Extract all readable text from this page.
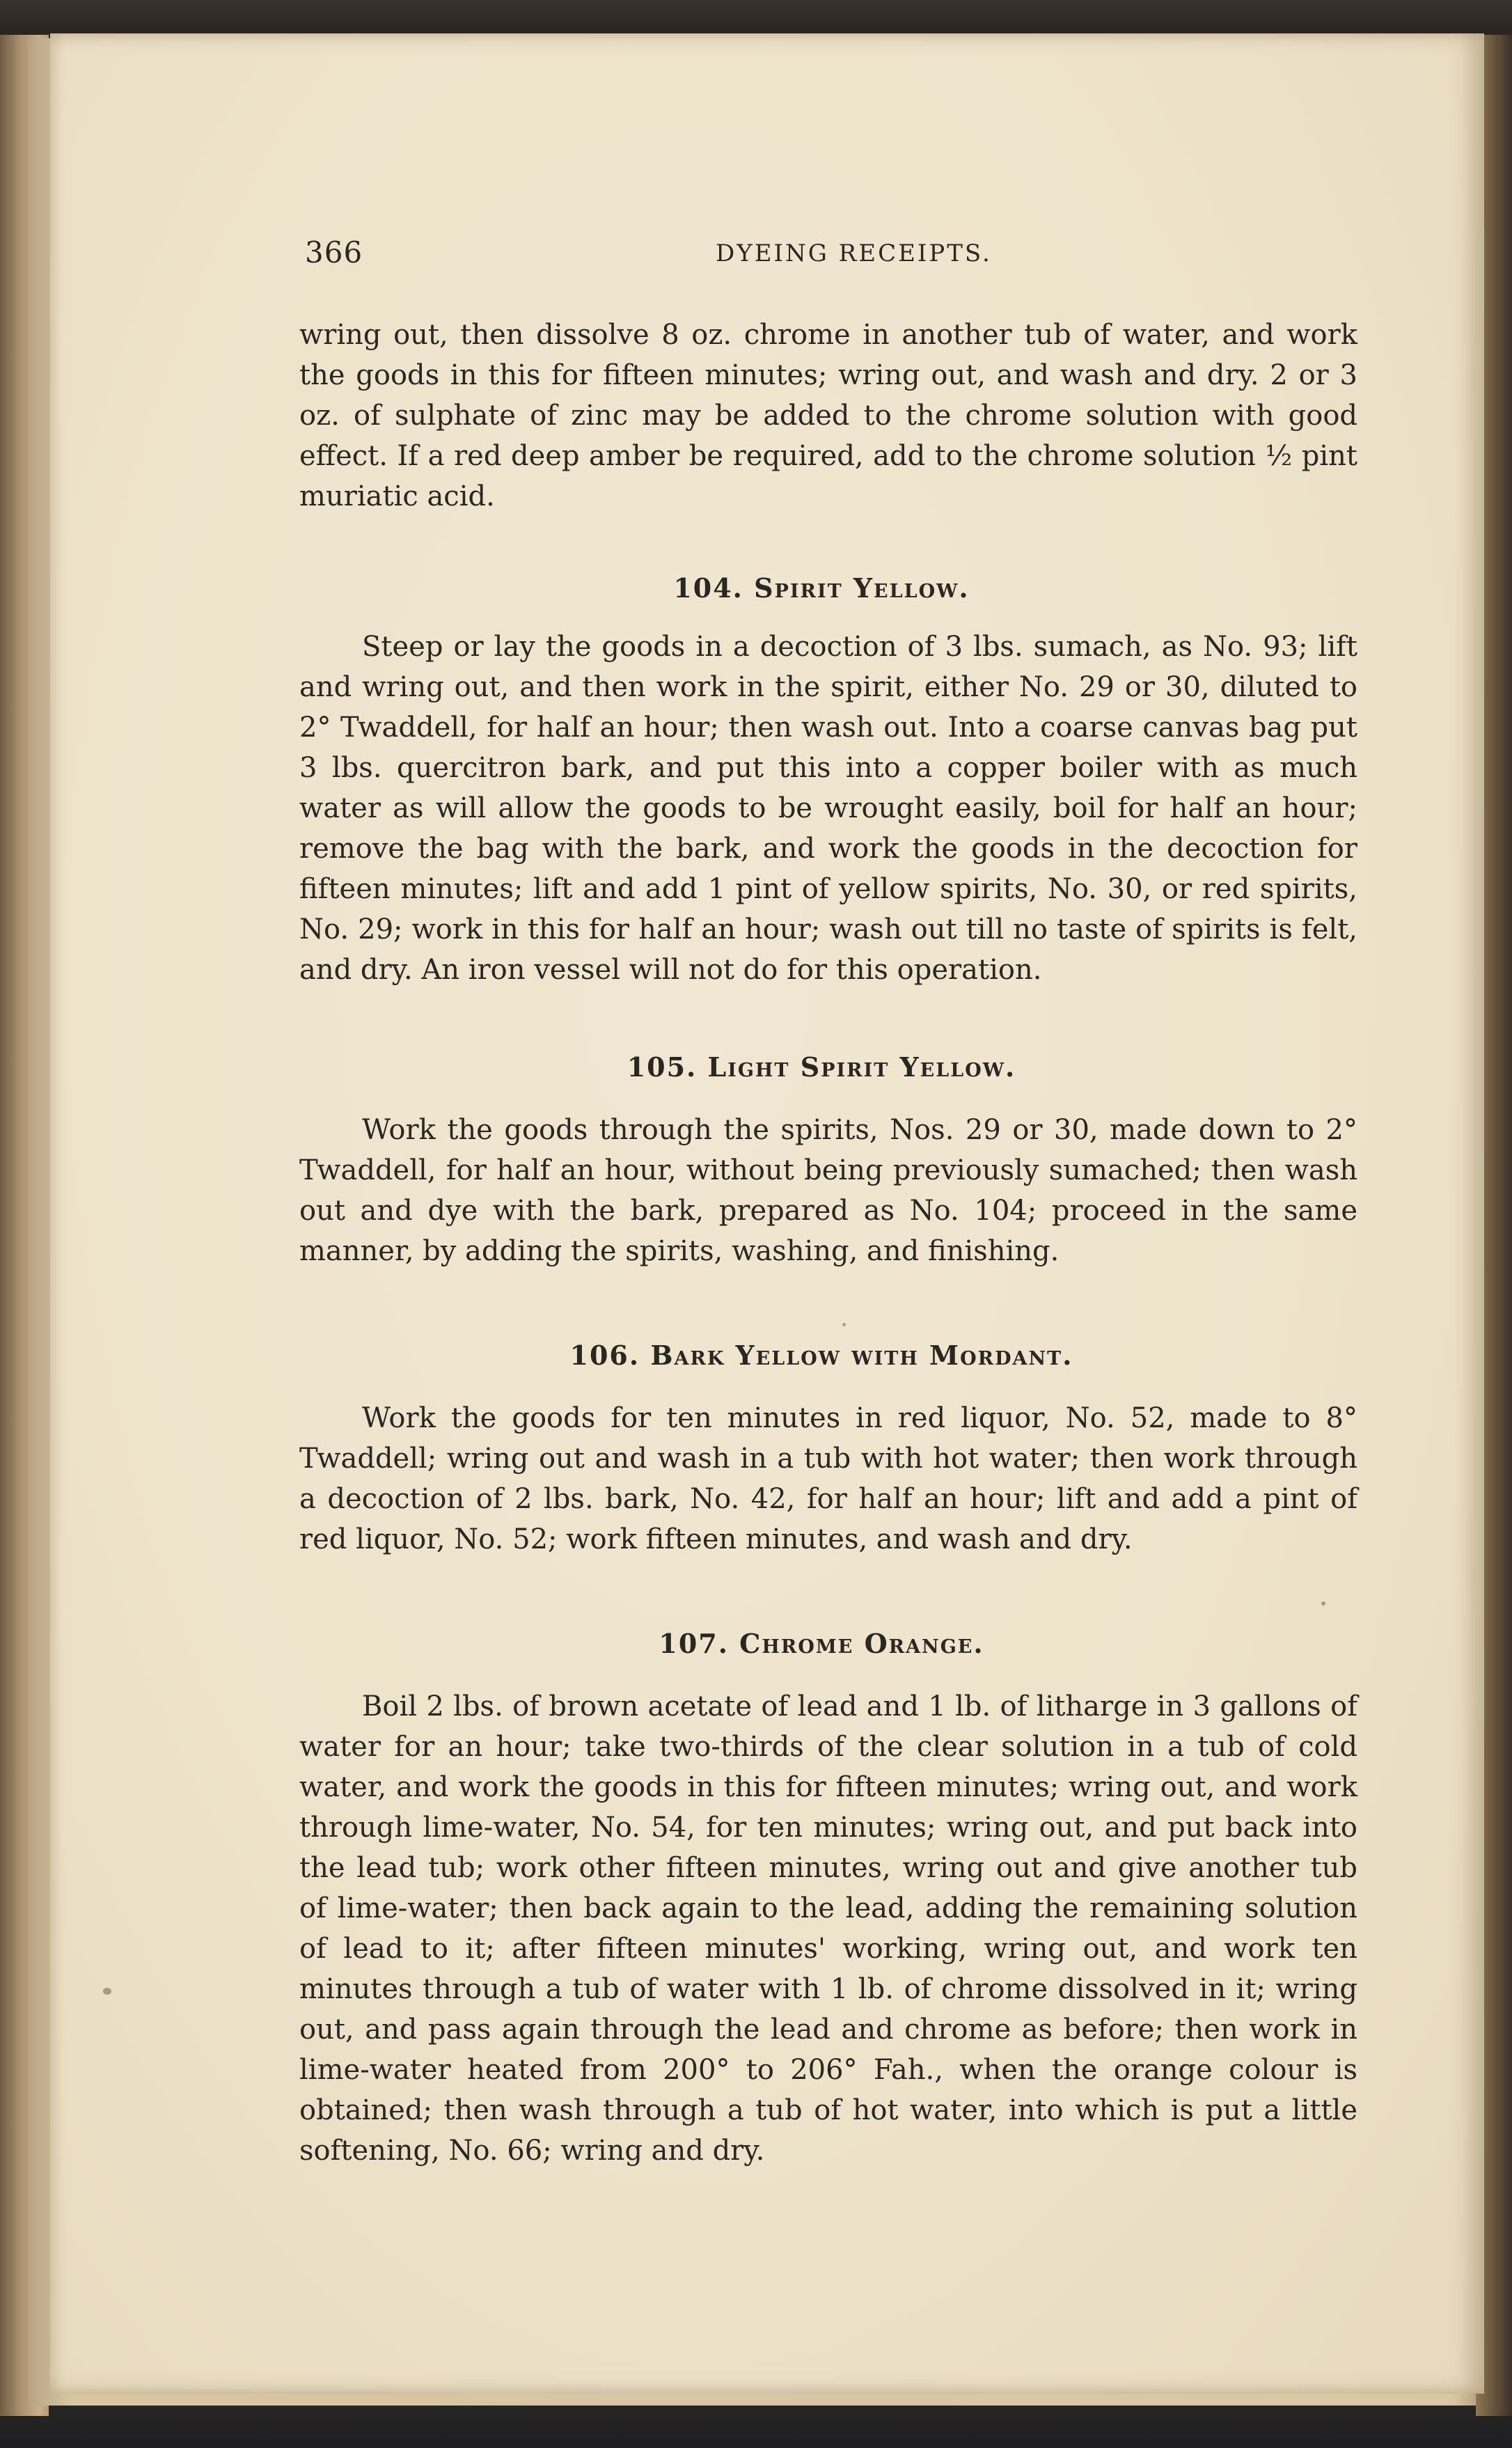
366	DYEING RECEIPTS.

wring out, then dissolve 8 oz. chrome in another tub of water, and work the goods in this for fifteen minutes; wring out, and wash and dry. 2 or 3 oz. of sulphate of zinc may be added to the chrome solution with good effect. If a red deep amber be required, add to the chrome solution ½ pint muriatic acid.

104. Spirit Yellow.

Steep or lay the goods in a decoction of 3 lbs. sumach, as No. 93; lift and wring out, and then work in the spirit, either No. 29 or 30, diluted to 2° Twaddell, for half an hour; then wash out. Into a coarse canvas bag put 3 lbs. quercitron bark, and put this into a copper boiler with as much water as will allow the goods to be wrought easily, boil for half an hour; remove the bag with the bark, and work the goods in the decoction for fifteen minutes; lift and add 1 pint of yellow spirits, No. 30, or red spirits, No. 29; work in this for half an hour; wash out till no taste of spirits is felt, and dry. An iron vessel will not do for this operation.

105. Light Spirit Yellow.

Work the goods through the spirits, Nos. 29 or 30, made down to 2° Twaddell, for half an hour, without being previously sumached; then wash out and dye with the bark, prepared as No. 104; proceed in the same manner, by adding the spirits, washing, and finishing.

106. Bark Yellow with Mordant.

Work the goods for ten minutes in red liquor, No. 52, made to 8° Twaddell; wring out and wash in a tub with hot water; then work through a decoction of 2 lbs. bark, No. 42, for half an hour; lift and add a pint of red liquor, No. 52; work fifteen minutes, and wash and dry.

107. Chrome Orange.

Boil 2 lbs. of brown acetate of lead and 1 lb. of litharge in 3 gallons of water for an hour; take two-thirds of the clear solution in a tub of cold water, and work the goods in this for fifteen minutes; wring out, and work through lime-water, No. 54, for ten minutes; wring out, and put back into the lead tub; work other fifteen minutes, wring out and give another tub of lime-water; then back again to the lead, adding the remaining solution of lead to it; after fifteen minutes' working, wring out, and work ten minutes through a tub of water with 1 lb. of chrome dissolved in it; wring out, and pass again through the lead and chrome as before; then work in lime-water heated from 200° to 206° Fah., when the orange colour is obtained; then wash through a tub of hot water, into which is put a little softening, No. 66; wring and dry.
